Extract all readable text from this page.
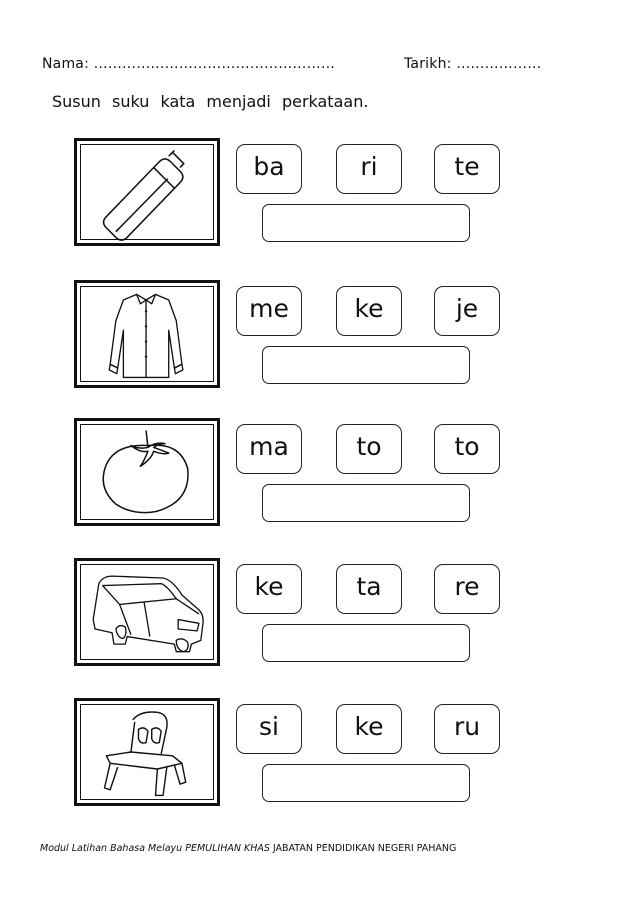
Nama: ……………………………………………	Tarikh: ………………
Susun suku kata menjadi perkataan.
ba	ri	te
me	ke	je
ma	to	to
ke	ta	re
si	ke	ru
Modul Latihan Bahasa Melayu PEMULIHAN KHAS JABATAN PENDIDIKAN NEGERI PAHANG
